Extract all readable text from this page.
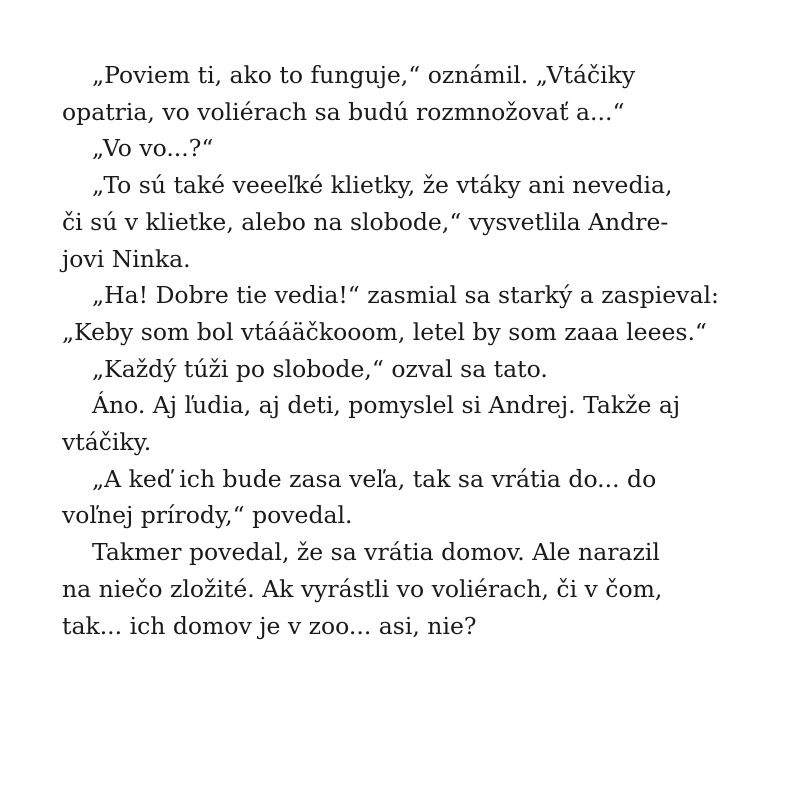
„Poviem ti, ako to funguje,“ oznámil. „Vtáčiky
opatria, vo voliérach sa budú rozmnožovať a...“
„Vo vo...?“
„To sú také veeeľké klietky, že vtáky ani nevedia,
či sú v klietke, alebo na slobode,“ vysvetlila Andre-
jovi Ninka.
„Ha! Dobre tie vedia!“ zasmial sa starký a zaspieval:
„Keby som bol vtááäčkooom, letel by som zaaa leees.“
„Každý túži po slobode,“ ozval sa tato.
Áno. Aj ľudia, aj deti, pomyslel si Andrej. Takže aj
vtáčiky.
„A keď ich bude zasa veľa, tak sa vrátia do... do
voľnej prírody,“ povedal.
Takmer povedal, že sa vrátia domov. Ale narazil
na niečo zložité. Ak vyrástli vo voliérach, či v čom,
tak... ich domov je v zoo... asi, nie?
